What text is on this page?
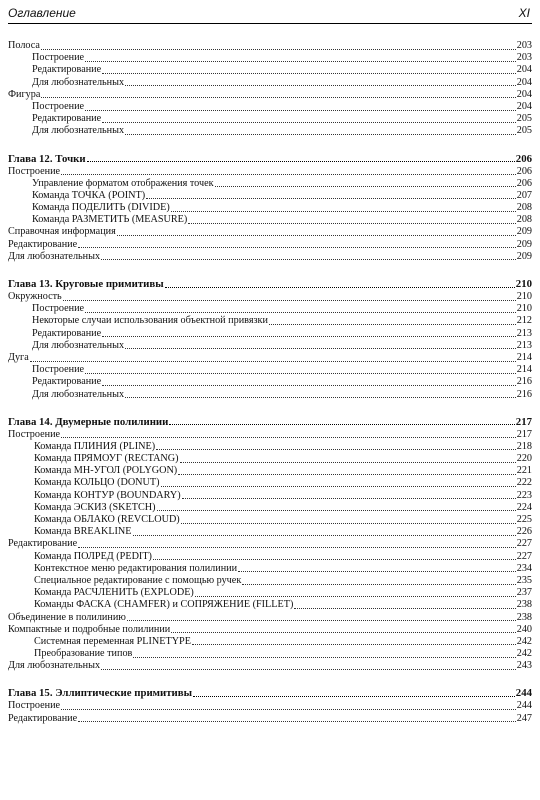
Оглавление	XI
Полоса	203
Построение	203
Редактирование	204
Для любознательных	204
Фигура	204
Построение	204
Редактирование	205
Для любознательных	205
Глава 12. Точки	206
Построение	206
Управление форматом отображения точек	206
Команда ТОЧКА (POINT)	207
Команда ПОДЕЛИТЬ (DIVIDE)	208
Команда РАЗМЕТИТЬ (MEASURE)	208
Справочная информация	209
Редактирование	209
Для любознательных	209
Глава 13. Круговые примитивы	210
Окружность	210
Построение	210
Некоторые случаи использования объектной привязки	212
Редактирование	213
Для любознательных	213
Дуга	214
Построение	214
Редактирование	216
Для любознательных	216
Глава 14. Двумерные полилинии	217
Построение	217
Команда ПЛИНИЯ (PLINE)	218
Команда ПРЯМОУГ (RECTANG)	220
Команда МН-УГОЛ (POLYGON)	221
Команда КОЛЬЦО (DONUT)	222
Команда КОНТУР (BOUNDARY)	223
Команда ЭСКИЗ (SKETCH)	224
Команда ОБЛАКО (REVCLOUD)	225
Команда BREAKLINE	226
Редактирование	227
Команда ПОЛРЕД (PEDIT)	227
Контекстное меню редактирования полилинии	234
Специальное редактирование с помощью ручек	235
Команда РАСЧЛЕНИТЬ (EXPLODE)	237
Команды ФАСКА (CHAMFER) и СОПРЯЖЕНИЕ (FILLET)	238
Объединение в полилинию	238
Компактные и подробные полилинии	240
Системная переменная PLINETYPE	242
Преобразование типов	242
Для любознательных	243
Глава 15. Эллиптические примитивы	244
Построение	244
Редактирование	247
